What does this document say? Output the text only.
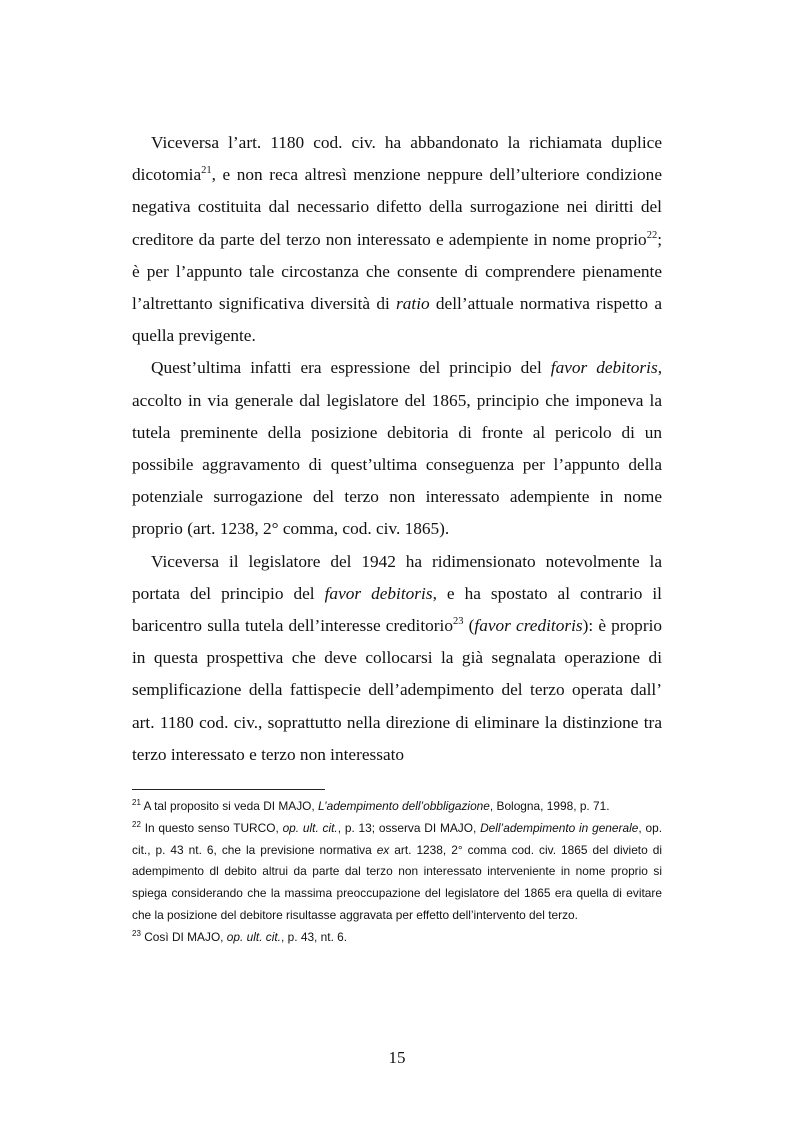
Viceversa l’art. 1180 cod. civ. ha abbandonato la richiamata duplice dicotomia$^{21}$, e non reca altresì menzione neppure dell’ulteriore condizione negativa costituita dal necessario difetto della surrogazione nei diritti del creditore da parte del terzo non interessato e adempiente in nome proprio$^{22}$; è per l’appunto tale circostanza che consente di comprendere pienamente l’altrettanto significativa diversità di ratio dell’attuale normativa rispetto a quella previgente.

Quest’ultima infatti era espressione del principio del favor debitoris, accolto in via generale dal legislatore del 1865, principio che imponeva la tutela preminente della posizione debitoria di fronte al pericolo di un possibile aggravamento di quest’ultima conseguenza per l’appunto della potenziale surrogazione del terzo non interessato adempiente in nome proprio (art. 1238, 2° comma, cod. civ. 1865).

Viceversa il legislatore del 1942 ha ridimensionato notevolmente la portata del principio del favor debitoris, e ha spostato al contrario il baricentro sulla tutela dell’interesse creditorio$^{23}$ (favor creditoris): è proprio in questa prospettiva che deve collocarsi la già segnalata operazione di semplificazione della fattispecie dell’adempimento del terzo operata dall’ art. 1180 cod. civ., soprattutto nella direzione di eliminare la distinzione tra terzo interessato e terzo non interessato

$^{21}$ A tal proposito si veda DI MAJO, L’adempimento dell’obbligazione, Bologna, 1998, p. 71.

$^{22}$ In questo senso TURCO, op. ult. cit., p. 13; osserva DI MAJO, Dell’adempimento in generale, op. cit., p. 43 nt. 6, che la previsione normativa ex art. 1238, 2° comma cod. civ. 1865 del divieto di adempimento dl debito altrui da parte dal terzo non interessato interveniente in nome proprio si spiega considerando che la massima preoccupazione del legislatore del 1865 era quella di evitare che la posizione del debitore risultasse aggravata per effetto dell’intervento del terzo.

$^{23}$ Così DI MAJO, op. ult. cit., p. 43, nt. 6.

15
